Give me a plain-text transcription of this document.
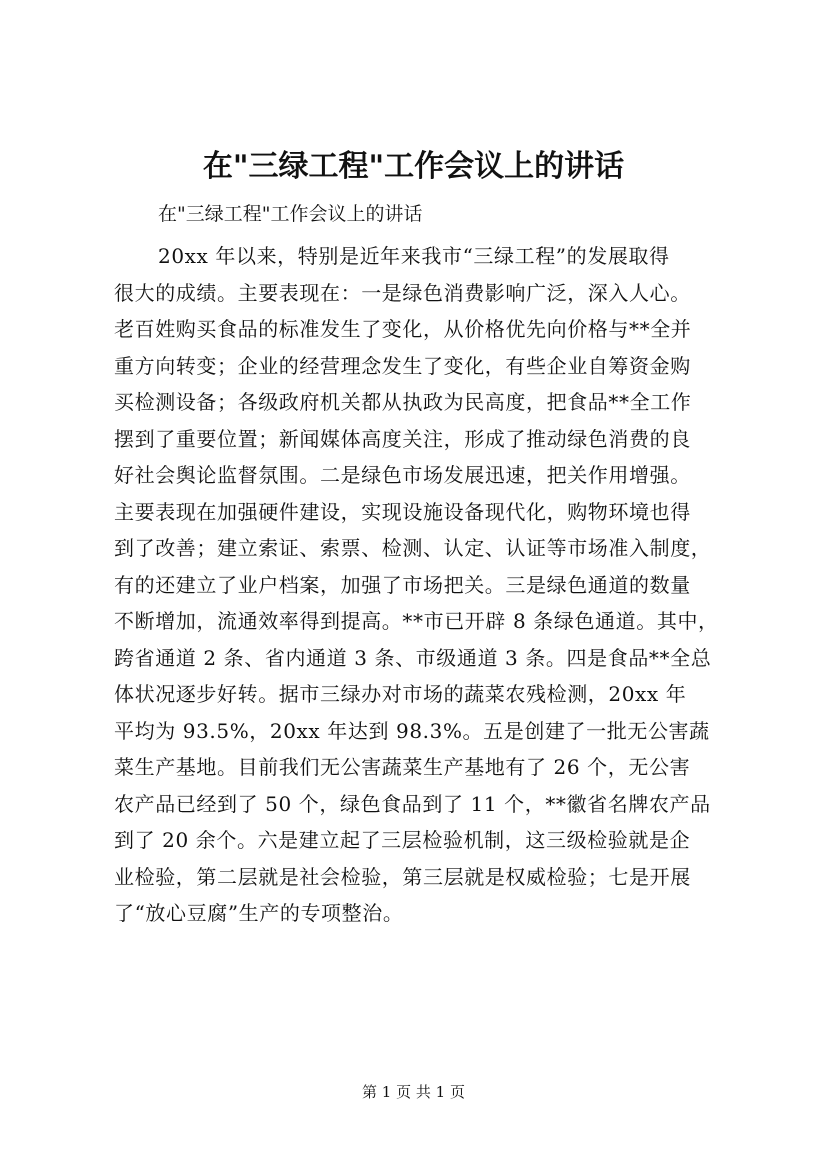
在"三绿工程"工作会议上的讲话
在"三绿工程"工作会议上的讲话
20xx 年以来，特别是近年来我市“三绿工程”的发展取得
很大的成绩。主要表现在：一是绿色消费影响广泛，深入人心。
老百姓购买食品的标准发生了变化，从价格优先向价格与**全并
重方向转变；企业的经营理念发生了变化，有些企业自筹资金购
买检测设备；各级政府机关都从执政为民高度，把食品**全工作
摆到了重要位置；新闻媒体高度关注，形成了推动绿色消费的良
好社会舆论监督氛围。二是绿色市场发展迅速，把关作用增强。
主要表现在加强硬件建设，实现设施设备现代化，购物环境也得
到了改善；建立索证、索票、检测、认定、认证等市场准入制度，
有的还建立了业户档案，加强了市场把关。三是绿色通道的数量
不断增加，流通效率得到提高。**市已开辟 8 条绿色通道。其中，
跨省通道 2 条、省内通道 3 条、市级通道 3 条。四是食品**全总
体状况逐步好转。据市三绿办对市场的蔬菜农残检测，20xx 年
平均为 93.5%，20xx 年达到 98.3%。五是创建了一批无公害蔬
菜生产基地。目前我们无公害蔬菜生产基地有了 26 个，无公害
农产品已经到了 50 个，绿色食品到了 11 个，**徽省名牌农产品
到了 20 余个。六是建立起了三层检验机制，这三级检验就是企
业检验，第二层就是社会检验，第三层就是权威检验；七是开展
了“放心豆腐”生产的专项整治。
第 1 页 共 1 页
